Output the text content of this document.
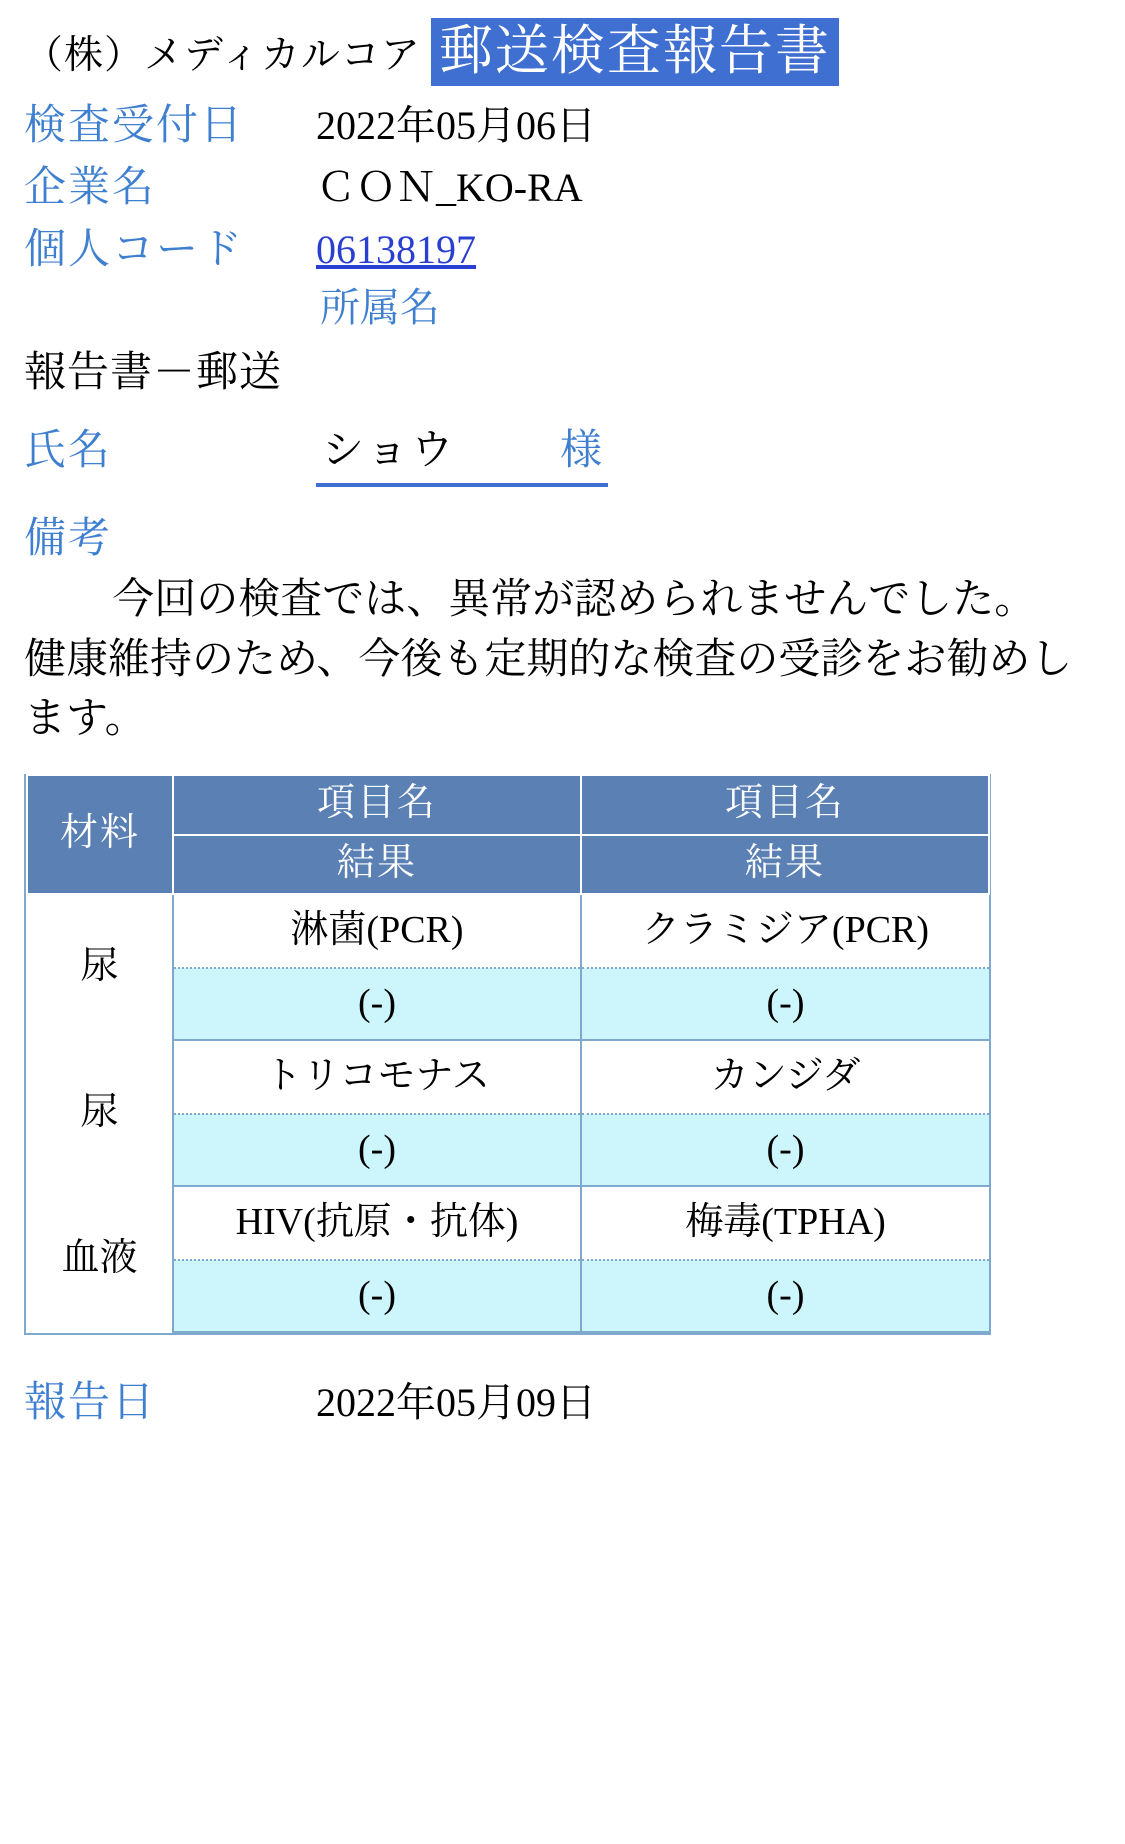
（株）メディカルコア 郵送検査報告書
検査受付日	2022年05月06日
企業名	ＣＯＮ_KO-RA
個人コード	06138197
所属名
報告書－郵送
氏名	ショウ 様
備考

今回の検査では、異常が認められませんでした。

健康維持のため、今後も定期的な検査の受診をお勧めします。

材料	項目名	項目名
	結果	結果
尿	淋菌(PCR)	クラミジア(PCR)
	(-)	(-)
尿	トリコモナス	カンジダ
	(-)	(-)
血液	HIV(抗原・抗体)	梅毒(TPHA)
	(-)	(-)
報告日	2022年05月09日
